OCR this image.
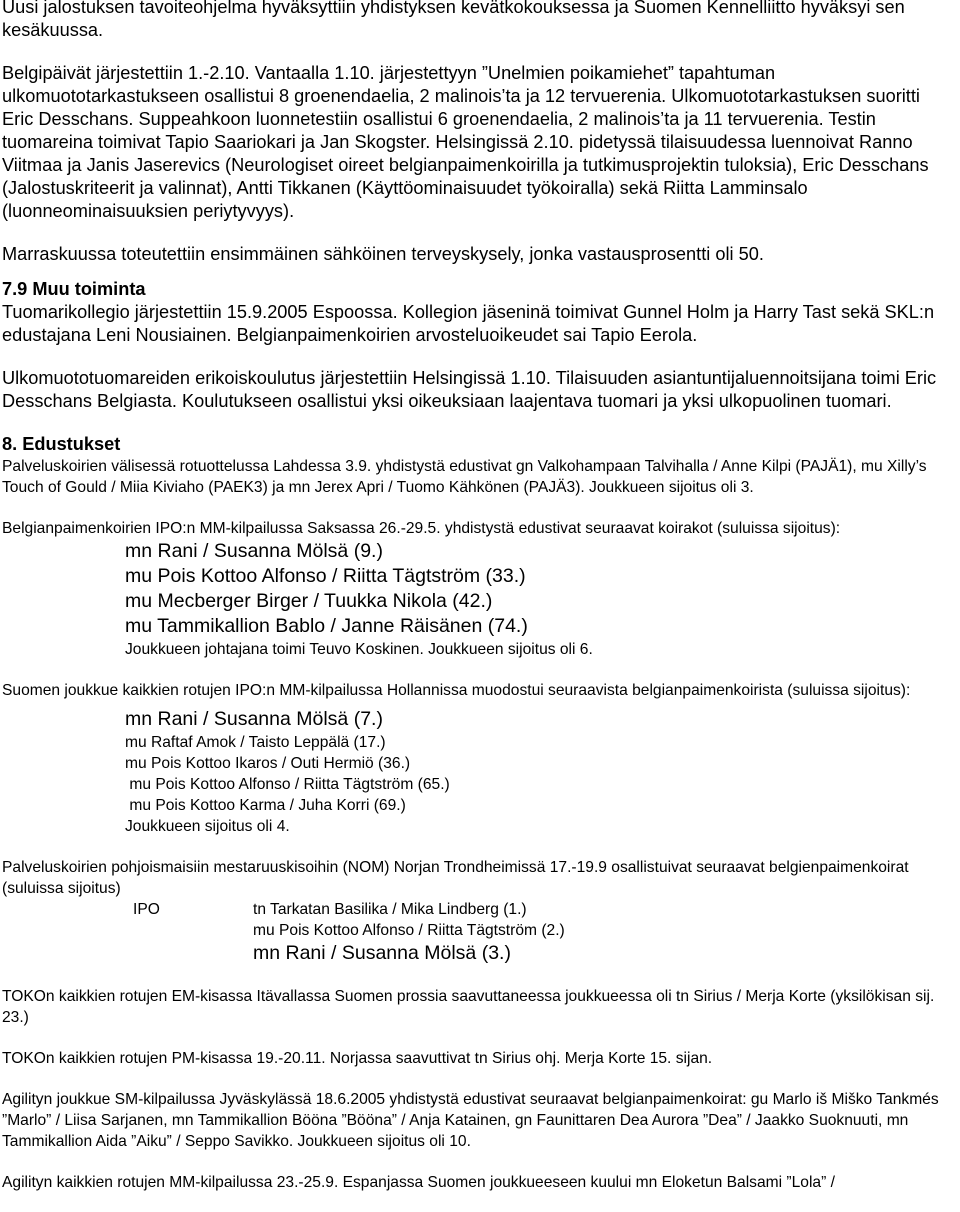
Uusi jalostuksen tavoiteohjelma hyväksyttiin yhdistyksen kevätkokouksessa ja Suomen Kennelliitto hyväksyi sen kesäkuussa.
Belgipäivät järjestettiin 1.-2.10. Vantaalla 1.10. järjestettyyn ”Unelmien poikamiehet” tapahtuman ulkomuototarkastukseen osallistui 8 groenendaelia, 2 malinois’ta ja 12 tervuerenia. Ulkomuototarkastuksen suoritti Eric Desschans. Suppeahkoon luonnetestiin osallistui 6 groenendaelia, 2 malinois’ta ja 11 tervuerenia. Testin tuomareina toimivat Tapio Saariokari ja Jan Skogster. Helsingissä 2.10. pidetyssä tilaisuudessa luennoivat Ranno Viitmaa ja Janis Jaserevics (Neurologiset oireet belgianpaimenkoirilla ja tutkimusprojektin tuloksia), Eric Desschans (Jalostuskriteerit ja valinnat), Antti Tikkanen (Käyttöominaisuudet työkoiralla) sekä Riitta Lamminsalo (luonneominaisuuksien periytyvyys).
Marraskuussa toteutettiin ensimmäinen sähköinen terveyskysely, jonka vastausprosentti oli 50.
7.9 Muu toiminta
Tuomarikollegio järjestettiin 15.9.2005 Espoossa. Kollegion jäseninä toimivat Gunnel Holm ja Harry Tast sekä SKL:n edustajana Leni Nousiainen. Belgianpaimenkoirien arvosteluoikeudet sai Tapio Eerola.
Ulkomuototuomareiden erikoiskoulutus järjestettiin Helsingissä 1.10. Tilaisuuden asiantuntijaluennoitsijana toimi Eric Desschans Belgiasta. Koulutukseen osallistui yksi oikeuksiaan laajentava tuomari ja yksi ulkopuolinen tuomari.
8. Edustukset
Palveluskoirien välisessä rotuottelussa Lahdessa 3.9. yhdistystä edustivat gn Valkohampaan Talvihalla / Anne Kilpi (PAJÄ1), mu Xilly’s Touch of Gould / Miia Kiviaho (PAEK3) ja mn Jerex Apri / Tuomo Kähkönen (PAJÄ3). Joukkueen sijoitus oli 3.
Belgianpaimenkoirien IPO:n MM-kilpailussa Saksassa 26.-29.5. yhdistystä edustivat seuraavat koirakot (suluissa sijoitus):
mn Rani / Susanna Mölsä (9.)
mu Pois Kottoo Alfonso / Riitta Tägtström (33.)
mu Mecberger Birger / Tuukka Nikola (42.)
mu Tammikallion Bablo / Janne Räisänen (74.)
Joukkueen johtajana toimi Teuvo Koskinen. Joukkueen sijoitus oli 6.
Suomen joukkue kaikkien rotujen IPO:n MM-kilpailussa Hollannissa muodostui seuraavista belgianpaimenkoirista (suluissa sijoitus):
mn Rani / Susanna Mölsä (7.)
mu Raftaf Amok / Taisto Leppälä (17.)
mu Pois Kottoo Ikaros / Outi Hermiö (36.)
mu Pois Kottoo Alfonso / Riitta Tägtström (65.)
mu Pois Kottoo Karma / Juha Korri (69.)
Joukkueen sijoitus oli 4.
Palveluskoirien pohjoismaisiin mestaruuskisoihin (NOM) Norjan Trondheimissä 17.-19.9 osallistuivat seuraavat belgienpaimenkoirat (suluissa sijoitus)
IPO	tn Tarkatan Basilika / Mika Lindberg (1.)
mu Pois Kottoo Alfonso / Riitta Tägtström (2.)
mn Rani / Susanna Mölsä (3.)
TOKOn kaikkien rotujen EM-kisassa Itävallassa Suomen prossia saavuttaneessa joukkueessa oli tn Sirius / Merja Korte (yksilökisan sij. 23.)
TOKOn kaikkien rotujen PM-kisassa 19.-20.11. Norjassa saavuttivat tn Sirius ohj. Merja Korte 15. sijan.
Agilityn joukkue SM-kilpailussa Jyväskylässä 18.6.2005 yhdistystä edustivat seuraavat belgianpaimenkoirat: gu Marlo iš Miško Tankmés ”Marlo” / Liisa Sarjanen, mn Tammikallion Bööna ”Bööna” / Anja Katainen, gn Faunittaren Dea Aurora ”Dea” / Jaakko Suoknuuti, mn Tammikallion Aida ”Aiku” / Seppo Savikko. Joukkueen sijoitus oli 10.
Agilityn kaikkien rotujen MM-kilpailussa 23.-25.9. Espanjassa Suomen joukkueeseen kuului mn Eloketun Balsami ”Lola” /
